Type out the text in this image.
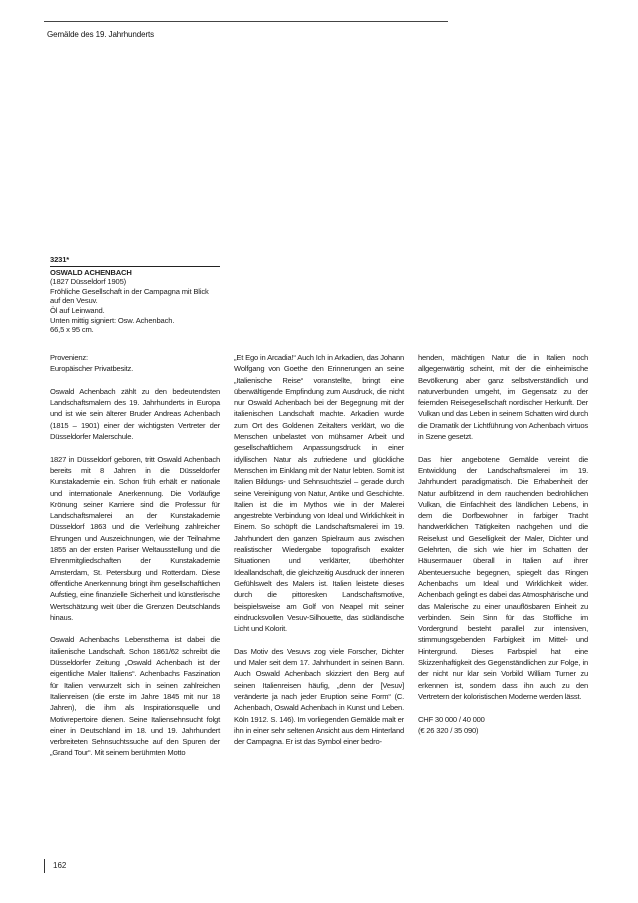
Gemälde des 19. Jahrhunderts
3231*
OSWALD ACHENBACH
(1827 Düsseldorf 1905)
Fröhliche Gesellschaft in der Campagna mit Blick auf den Vesuv.
Öl auf Leinwand.
Unten mittig signiert: Osw. Achenbach.
66,5 x 95 cm.

Provenienz:
Europäischer Privatbesitz.

Oswald Achenbach zählt zu den bedeutendsten Landschaftsmalern des 19. Jahrhunderts in Europa und ist wie sein älterer Bruder Andreas Achenbach (1815 – 1901) einer der wichtigsten Vertreter der Düsseldorfer Malerschule.

1827 in Düsseldorf geboren, tritt Oswald Achenbach bereits mit 8 Jahren in die Düsseldorfer Kunstakademie ein. Schon früh erhält er nationale und internationale Anerkennung. Die Vorläufige Krönung seiner Karriere sind die Professur für Landschaftsmalerei an der Kunstakademie Düsseldorf 1863 und die Verleihung zahlreicher Ehrungen und Auszeichnungen, wie der Teilnahme 1855 an der ersten Pariser Weltausstellung und die Ehrenmitgliedschaften der Kunstakademie Amsterdam, St. Petersburg und Rotterdam. Diese öffentliche Anerkennung bringt ihm gesellschaftlichen Aufstieg, eine finanzielle Sicherheit und künstlerische Wertschätzung weit über die Grenzen Deutschlands hinaus.

Oswald Achenbachs Lebensthema ist dabei die italienische Landschaft. Schon 1861/62 schreibt die Düsseldorfer Zeitung „Oswald Achenbach ist der eigentliche Maler Italiens“. Achenbachs Faszination für Italien verwurzelt sich in seinen zahlreichen Italienreisen (die erste im Jahre 1845 mit nur 18 Jahren), die ihm als Inspirationsquelle und Motivrepertoire dienen. Seine Italiensehnsucht folgt einer in Deutschland im 18. und 19. Jahrhundert verbreiteten Sehnsuchtssuche auf den Spuren der „Grand Tour“. Mit seinem berühmten Motto

„Et Ego in Arcadia!“ Auch Ich in Arkadien, das Johann Wolfgang von Goethe den Erinnerungen an seine „Italienische Reise“ voranstellte, bringt eine überwältigende Empfindung zum Ausdruck, die nicht nur Oswald Achenbach bei der Begegnung mit der italienischen Landschaft machte. Arkadien wurde zum Ort des Goldenen Zeitalters verklärt, wo die Menschen unbelastet von mühsamer Arbeit und gesellschaftlichem Anpassungsdruck in einer idyllischen Natur als zufriedene und glückliche Menschen im Einklang mit der Natur lebten. Somit ist Italien Bildungs- und Sehnsuchtsziel – gerade durch seine Vereinigung von Natur, Antike und Geschichte. Italien ist die im Mythos wie in der Malerei angestrebte Verbindung von Ideal und Wirklichkeit in Einem. So schöpft die Landschaftsmalerei im 19. Jahrhundert den ganzen Spielraum aus zwischen realistischer Wiedergabe topografisch exakter Situationen und verklärter, überhöhter Ideallandschaft, die gleichzeitig Ausdruck der inneren Gefühlswelt des Malers ist. Italien leistete dieses durch die pittoresken Landschaftsmotive, beispielsweise am Golf von Neapel mit seiner eindrucksvollen Vesuv-Silhouette, das südländische Licht und Kolorit.

Das Motiv des Vesuvs zog viele Forscher, Dichter und Maler seit dem 17. Jahrhundert in seinen Bann. Auch Oswald Achenbach skizziert den Berg auf seinen Italienreisen häufig, „denn der [Vesuv] veränderte ja nach jeder Eruption seine Form“ (C. Achenbach, Oswald Achenbach in Kunst und Leben. Köln 1912. S. 146). Im vorliegenden Gemälde malt er ihn in einer sehr seltenen Ansicht aus dem Hinterland der Campagna. Er ist das Symbol einer bedro-

henden, mächtigen Natur die in Italien noch allgegenwärtig scheint, mit der die einheimische Bevölkerung aber ganz selbstverständlich und naturverbunden umgeht, im Gegensatz zu der feiernden Reisegesellschaft nordischer Herkunft. Der Vulkan und das Leben in seinem Schatten wird durch die Dramatik der Lichtführung von Achenbach virtuos in Szene gesetzt.

Das hier angebotene Gemälde vereint die Entwicklung der Landschaftsmalerei im 19. Jahrhundert paradigmatisch. Die Erhabenheit der Natur aufblitzend in dem rauchenden bedrohlichen Vulkan, die Einfachheit des ländlichen Lebens, in dem die Dorfbewohner in farbiger Tracht handwerklichen Tätigkeiten nachgehen und die Reiselust und Geselligkeit der Maler, Dichter und Gelehrten, die sich wie hier im Schatten der Häusermauer überall in Italien auf ihrer Abenteuersuche begegnen, spiegelt das Ringen Achenbachs um Ideal und Wirklichkeit wider. Achenbach gelingt es dabei das Atmosphärische und das Malerische zu einer unauflösbaren Einheit zu verbinden. Sein Sinn für das Stoffliche im Vordergrund besteht parallel zur intensiven, stimmungsgebenden Farbigkeit im Mittel- und Hintergrund. Dieses Farbspiel hat eine Skizzenhaftigkeit des Gegenständlichen zur Folge, in der nicht nur klar sein Vorbild William Turner zu erkennen ist, sondern dass ihn auch zu den Vertretern der koloristischen Moderne werden lässt.

CHF 30 000 / 40 000
(€ 26 320 / 35 090)

162
